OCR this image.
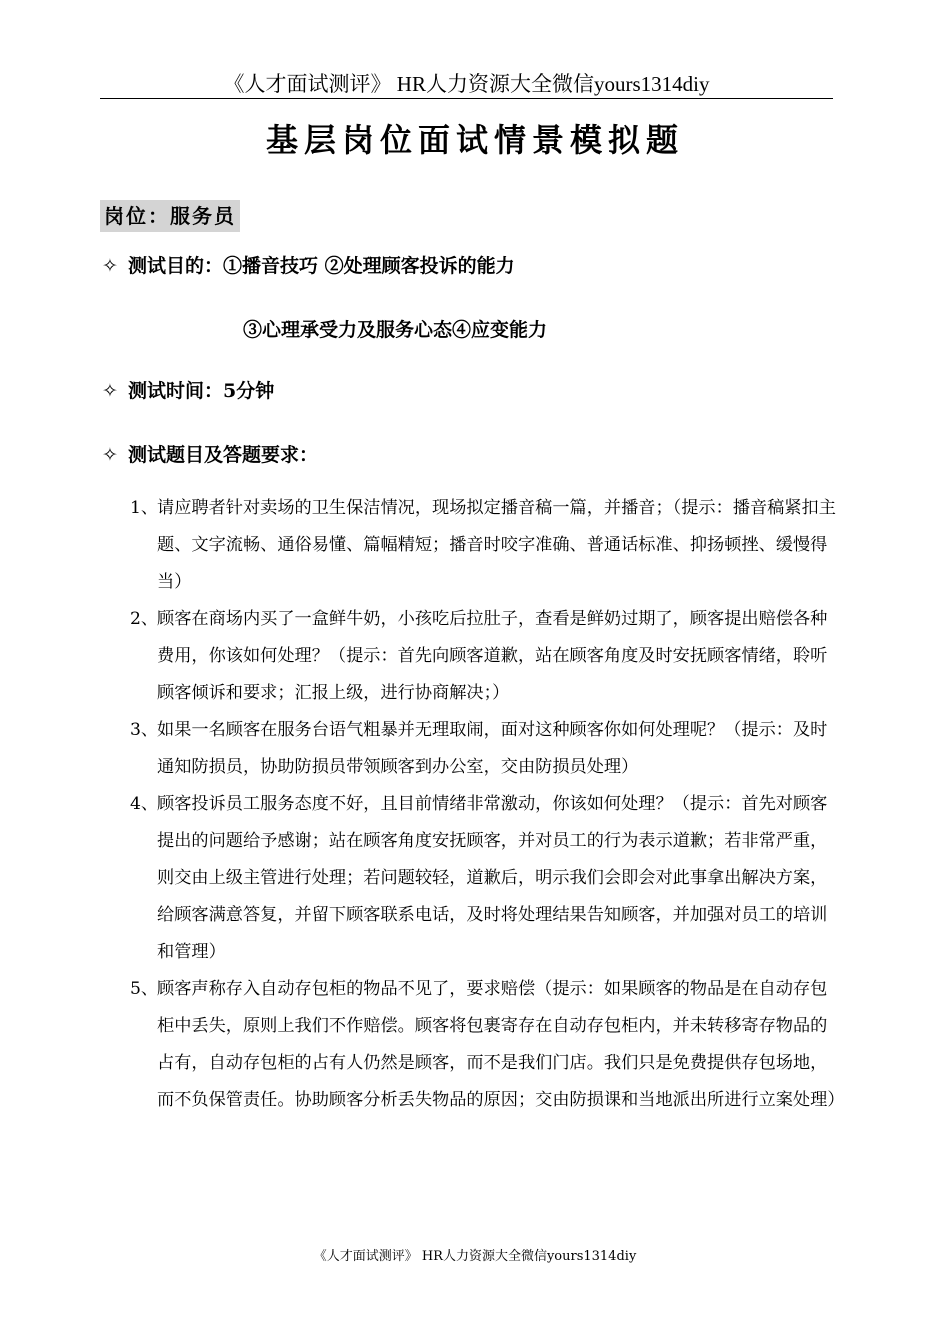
《人才面试测评》 HR人力资源大全微信yours1314diy
基层岗位面试情景模拟题
岗位：服务员
✧ 测试目的：①播音技巧 ②处理顾客投诉的能力
③心理承受力及服务心态④应变能力
✧ 测试时间：5分钟
✧ 测试题目及答题要求：

1、
请应聘者针对卖场的卫生保洁情况，现场拟定播音稿一篇，并播音；（提示：播音稿紧扣主题、文字流畅、通俗易懂、篇幅精短；播音时咬字准确、普通话标准、抑扬顿挫、缓慢得当）

2、
顾客在商场内买了一盒鲜牛奶，小孩吃后拉肚子，查看是鲜奶过期了，顾客提出赔偿各种费用，你该如何处理？（提示：首先向顾客道歉，站在顾客角度及时安抚顾客情绪，聆听顾客倾诉和要求；汇报上级，进行协商解决；）

3、
如果一名顾客在服务台语气粗暴并无理取闹，面对这种顾客你如何处理呢？（提示：及时通知防损员，协助防损员带领顾客到办公室，交由防损员处理）

4、
顾客投诉员工服务态度不好，且目前情绪非常激动，你该如何处理？（提示：首先对顾客提出的问题给予感谢；站在顾客角度安抚顾客，并对员工的行为表示道歉；若非常严重，则交由上级主管进行处理；若问题较轻，道歉后，明示我们会即会对此事拿出解决方案，给顾客满意答复，并留下顾客联系电话，及时将处理结果告知顾客，并加强对员工的培训和管理）

5、
顾客声称存入自动存包柜的物品不见了，要求赔偿（提示：如果顾客的物品是在自动存包柜中丢失，原则上我们不作赔偿。顾客将包裹寄存在自动存包柜内，并未转移寄存物品的占有，自动存包柜的占有人仍然是顾客，而不是我们门店。我们只是免费提供存包场地，而不负保管责任。协助顾客分析丢失物品的原因；交由防损课和当地派出所进行立案处理）

《人才面试测评》 HR人力资源大全微信yours1314diy
